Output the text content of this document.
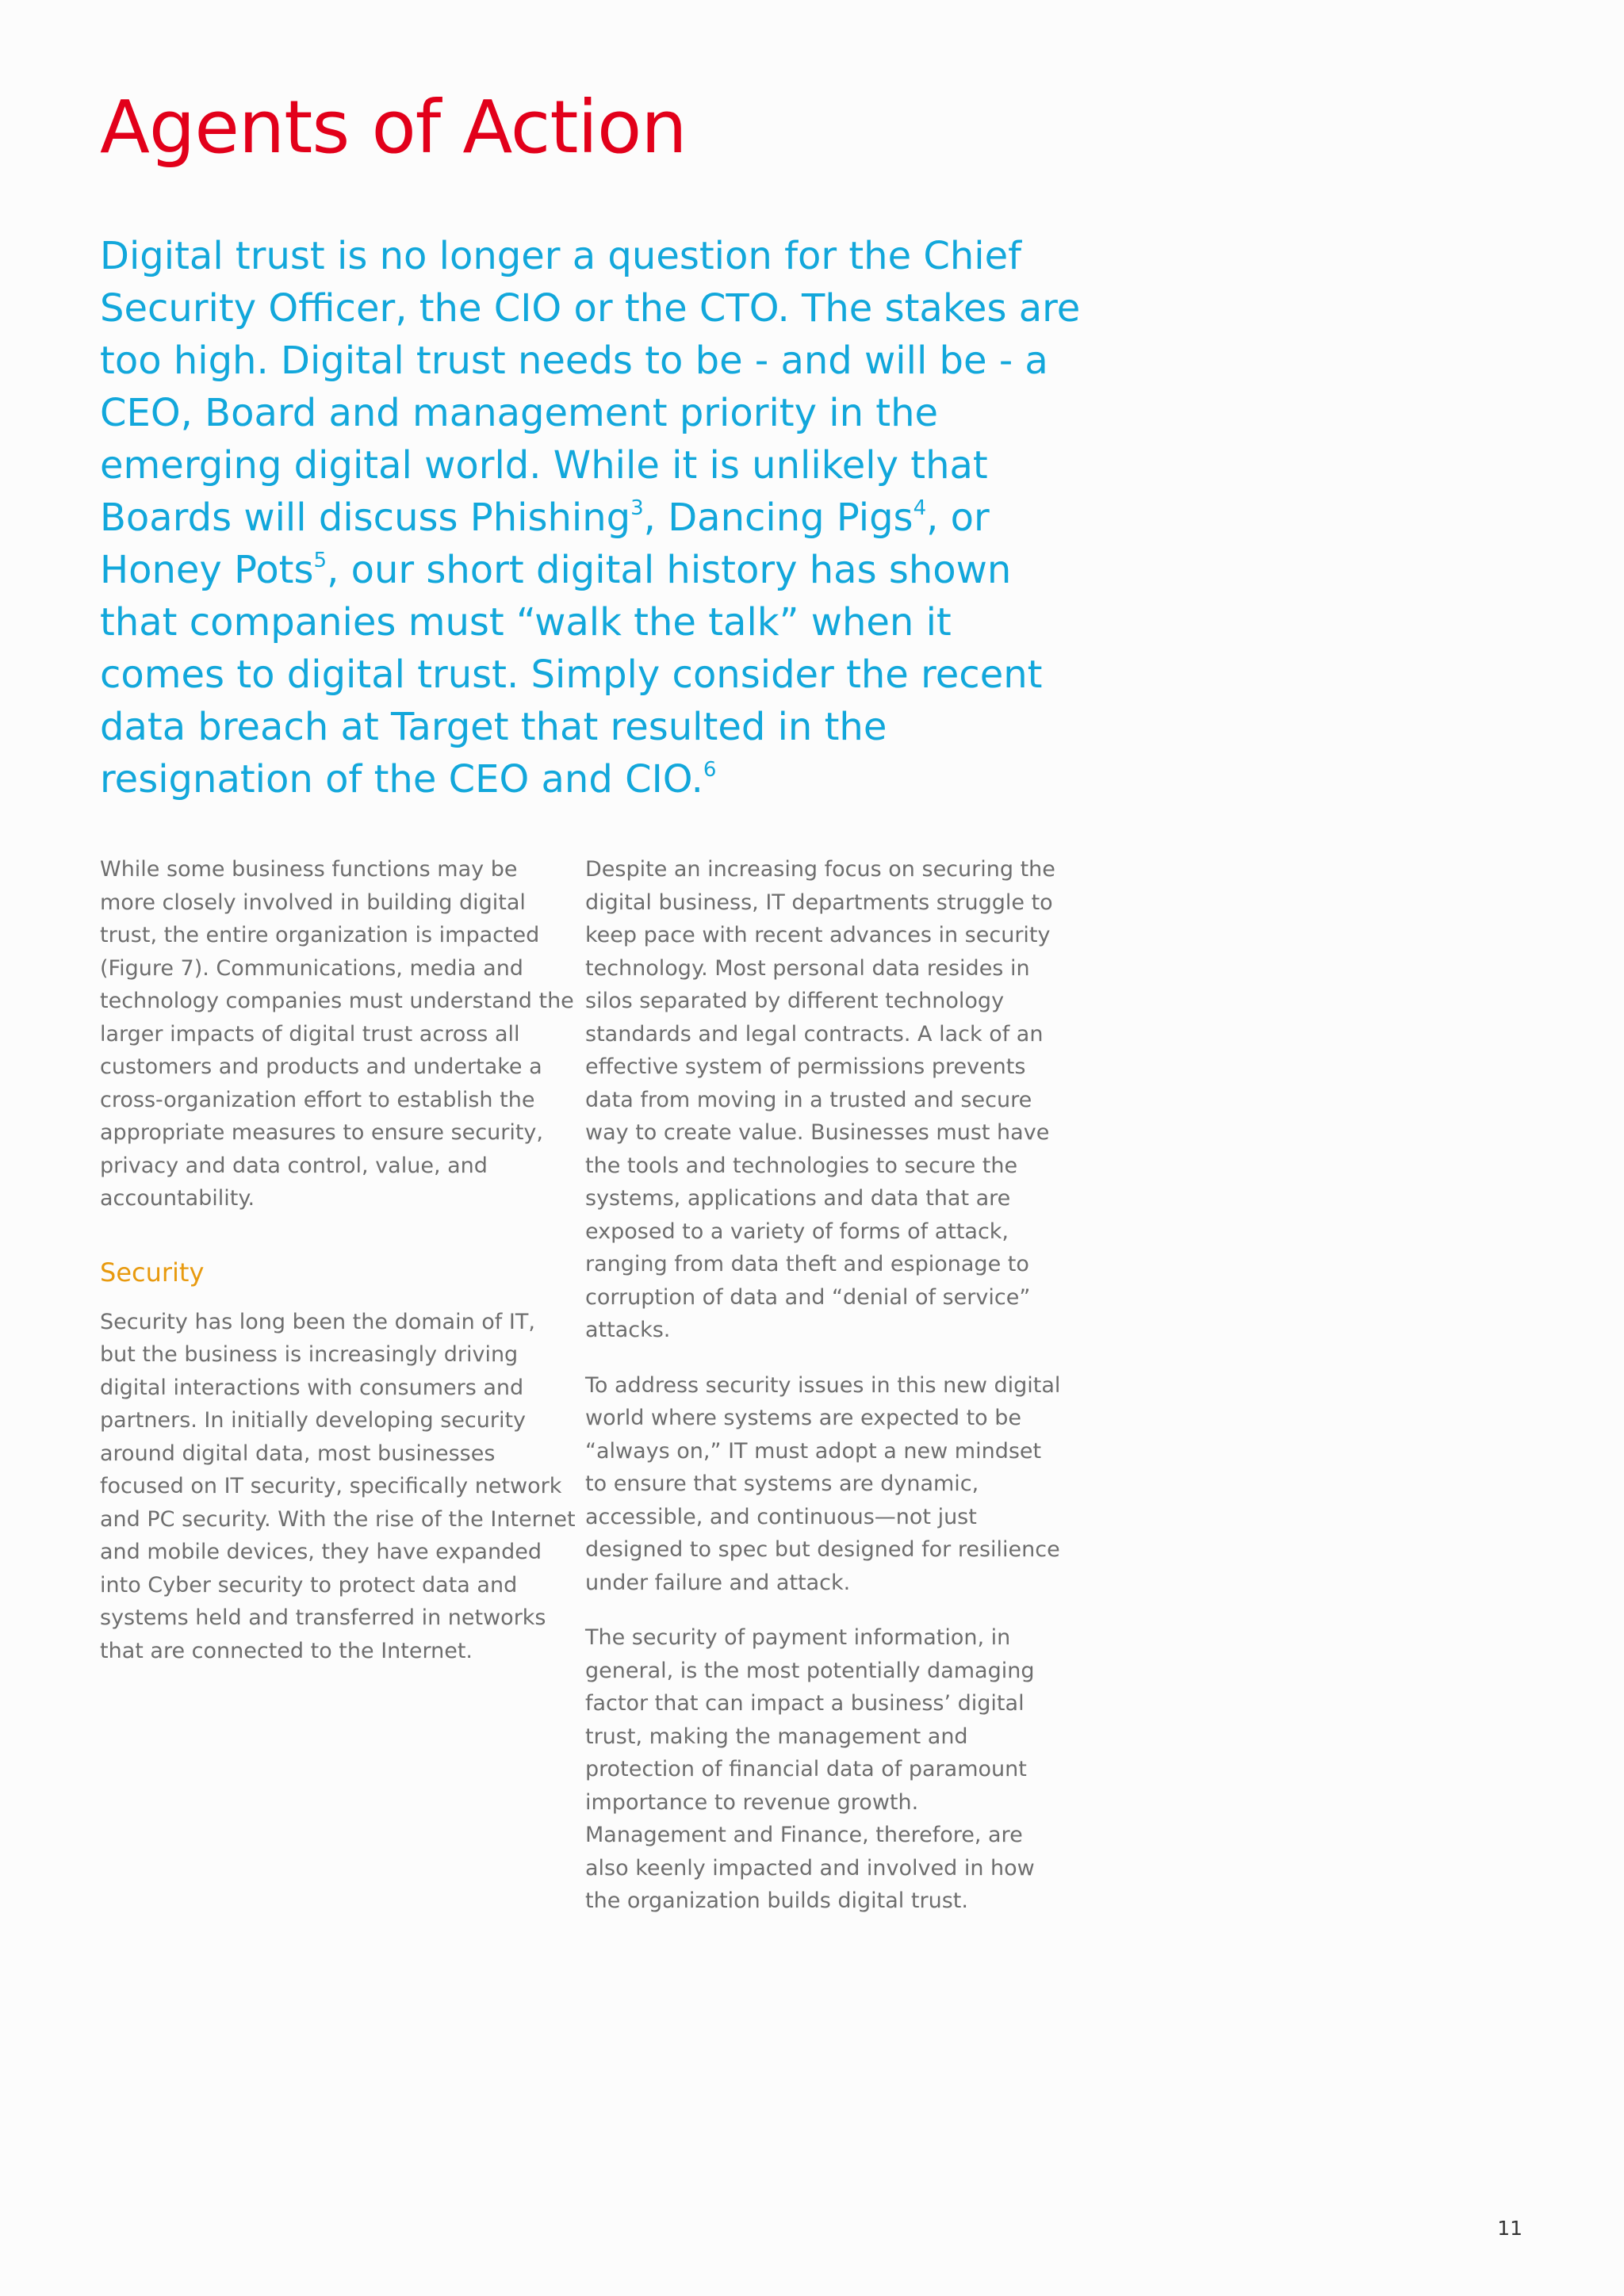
Agents of Action

Digital trust is no longer a question for the Chief Security Officer, the CIO or the CTO. The stakes are too high. Digital trust needs to be - and will be - a CEO, Board and management priority in the emerging digital world. While it is unlikely that Boards will discuss Phishing$^3$, Dancing Pigs$^4$, or Honey Pots$^5$, our short digital history has shown that companies must “walk the talk” when it comes to digital trust. Simply consider the recent data breach at Target that resulted in the resignation of the CEO and CIO.$^6$

While some business functions may be more closely involved in building digital trust, the entire organization is impacted (Figure 7). Communications, media and technology companies must understand the larger impacts of digital trust across all customers and products and undertake a cross-organization effort to establish the appropriate measures to ensure security, privacy and data control, value, and accountability.

Security

Security has long been the domain of IT, but the business is increasingly driving digital interactions with consumers and partners. In initially developing security around digital data, most businesses focused on IT security, specifically network and PC security. With the rise of the Internet and mobile devices, they have expanded into Cyber security to protect data and systems held and transferred in networks that are connected to the Internet.

Despite an increasing focus on securing the digital business, IT departments struggle to keep pace with recent advances in security technology. Most personal data resides in silos separated by different technology standards and legal contracts. A lack of an effective system of permissions prevents data from moving in a trusted and secure way to create value. Businesses must have the tools and technologies to secure the systems, applications and data that are exposed to a variety of forms of attack, ranging from data theft and espionage to corruption of data and “denial of service” attacks.

To address security issues in this new digital world where systems are expected to be “always on,” IT must adopt a new mindset to ensure that systems are dynamic, accessible, and continuous—not just designed to spec but designed for resilience under failure and attack.

The security of payment information, in general, is the most potentially damaging factor that can impact a business’ digital trust, making the management and protection of financial data of paramount importance to revenue growth. Management and Finance, therefore, are also keenly impacted and involved in how the organization builds digital trust.

11
